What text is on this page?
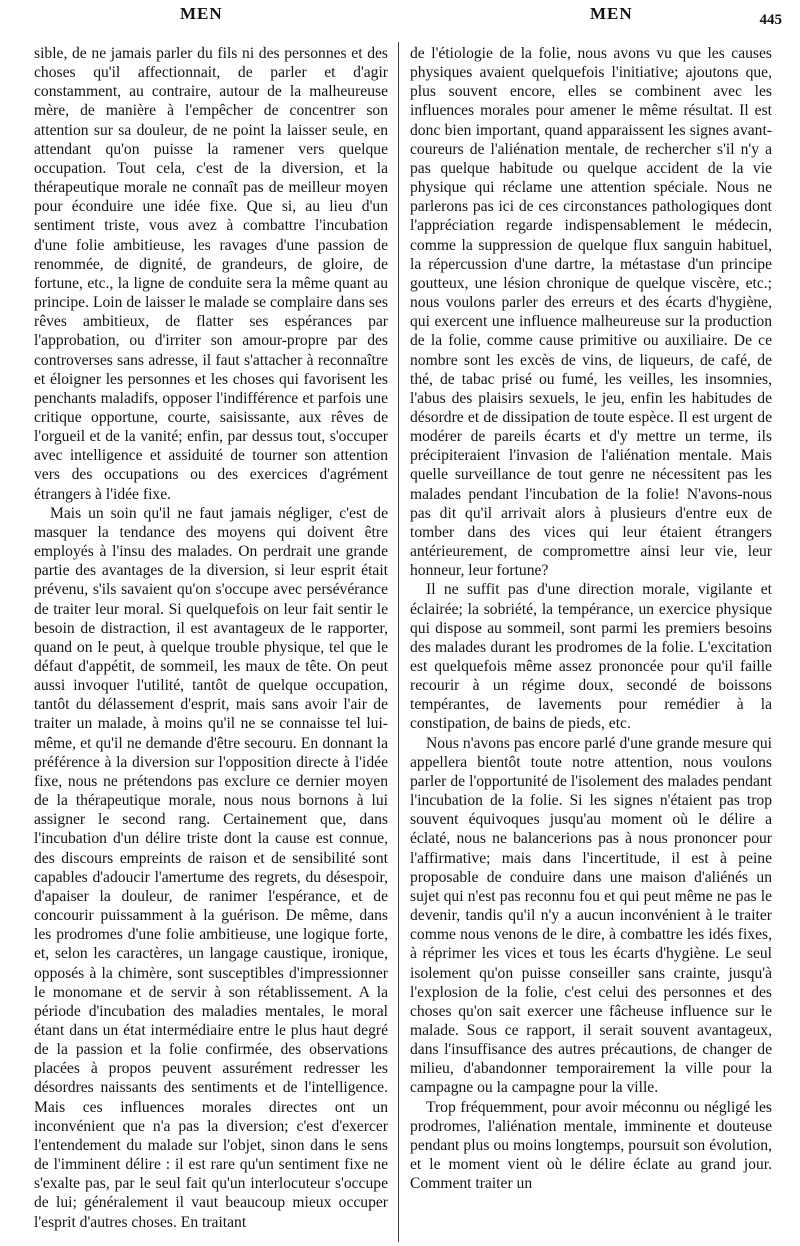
MEN	MEN	445

sible, de ne jamais parler du fils ni des personnes et des choses qu'il affectionnait, de parler et d'agir constamment, au contraire, autour de la malheureuse mère, de manière à l'empêcher de concentrer son attention sur sa douleur, de ne point la laisser seule, en attendant qu'on puisse la ramener vers quelque occupation. Tout cela, c'est de la diversion, et la thérapeutique morale ne connaît pas de meilleur moyen pour éconduire une idée fixe. Que si, au lieu d'un sentiment triste, vous avez à combattre l'incubation d'une folie ambitieuse, les ravages d'une passion de renommée, de dignité, de grandeurs, de gloire, de fortune, etc., la ligne de conduite sera la même quant au principe. Loin de laisser le malade se complaire dans ses rêves ambitieux, de flatter ses espérances par l'approbation, ou d'irriter son amour-propre par des controverses sans adresse, il faut s'attacher à reconnaître et éloigner les personnes et les choses qui favorisent les penchants maladifs, opposer l'indifférence et parfois une critique opportune, courte, saisissante, aux rêves de l'orgueil et de la vanité; enfin, par dessus tout, s'occuper avec intelligence et assiduité de tourner son attention vers des occupations ou des exercices d'agrément étrangers à l'idée fixe.

Mais un soin qu'il ne faut jamais négliger, c'est de masquer la tendance des moyens qui doivent être employés à l'insu des malades. On perdrait une grande partie des avantages de la diversion, si leur esprit était prévenu, s'ils savaient qu'on s'occupe avec persévérance de traiter leur moral. Si quelquefois on leur fait sentir le besoin de distraction, il est avantageux de le rapporter, quand on le peut, à quelque trouble physique, tel que le défaut d'appétit, de sommeil, les maux de tête. On peut aussi invoquer l'utilité, tantôt de quelque occupation, tantôt du délassement d'esprit, mais sans avoir l'air de traiter un malade, à moins qu'il ne se connaisse tel lui-même, et qu'il ne demande d'être secouru. En donnant la préférence à la diversion sur l'opposition directe à l'idée fixe, nous ne prétendons pas exclure ce dernier moyen de la thérapeutique morale, nous nous bornons à lui assigner le second rang. Certainement que, dans l'incubation d'un délire triste dont la cause est connue, des discours empreints de raison et de sensibilité sont capables d'adoucir l'amertume des regrets, du désespoir, d'apaiser la douleur, de ranimer l'espérance, et de concourir puissamment à la guérison. De même, dans les prodromes d'une folie ambitieuse, une logique forte, et, selon les caractères, un langage caustique, ironique, opposés à la chimère, sont susceptibles d'impressionner le monomane et de servir à son rétablissement. A la période d'incubation des maladies mentales, le moral étant dans un état intermédiaire entre le plus haut degré de la passion et la folie confirmée, des observations placées à propos peuvent assurément redresser les désordres naissants des sentiments et de l'intelligence. Mais ces influences morales directes ont un inconvénient que n'a pas la diversion; c'est d'exercer l'entendement du malade sur l'objet, sinon dans le sens de l'imminent délire : il est rare qu'un sentiment fixe ne s'exalte pas, par le seul fait qu'un interlocuteur s'occupe de lui; généralement il vaut beaucoup mieux occuper l'esprit d'autres choses. En traitant

de l'étiologie de la folie, nous avons vu que les causes physiques avaient quelquefois l'initiative; ajoutons que, plus souvent encore, elles se combinent avec les influences morales pour amener le même résultat. Il est donc bien important, quand apparaissent les signes avant-coureurs de l'aliénation mentale, de rechercher s'il n'y a pas quelque habitude ou quelque accident de la vie physique qui réclame une attention spéciale. Nous ne parlerons pas ici de ces circonstances pathologiques dont l'appréciation regarde indispensablement le médecin, comme la suppression de quelque flux sanguin habituel, la répercussion d'une dartre, la métastase d'un principe goutteux, une lésion chronique de quelque viscère, etc.; nous voulons parler des erreurs et des écarts d'hygiène, qui exercent une influence malheureuse sur la production de la folie, comme cause primitive ou auxiliaire. De ce nombre sont les excès de vins, de liqueurs, de café, de thé, de tabac prisé ou fumé, les veilles, les insomnies, l'abus des plaisirs sexuels, le jeu, enfin les habitudes de désordre et de dissipation de toute espèce. Il est urgent de modérer de pareils écarts et d'y mettre un terme, ils précipiteraient l'invasion de l'aliénation mentale. Mais quelle surveillance de tout genre ne nécessitent pas les malades pendant l'incubation de la folie! N'avons-nous pas dit qu'il arrivait alors à plusieurs d'entre eux de tomber dans des vices qui leur étaient étrangers antérieurement, de compromettre ainsi leur vie, leur honneur, leur fortune?

Il ne suffit pas d'une direction morale, vigilante et éclairée; la sobriété, la tempérance, un exercice physique qui dispose au sommeil, sont parmi les premiers besoins des malades durant les prodromes de la folie. L'excitation est quelquefois même assez prononcée pour qu'il faille recourir à un régime doux, secondé de boissons tempérantes, de lavements pour remédier à la constipation, de bains de pieds, etc.

Nous n'avons pas encore parlé d'une grande mesure qui appellera bientôt toute notre attention, nous voulons parler de l'opportunité de l'isolement des malades pendant l'incubation de la folie. Si les signes n'étaient pas trop souvent équivoques jusqu'au moment où le délire a éclaté, nous ne balancerions pas à nous prononcer pour l'affirmative; mais dans l'incertitude, il est à peine proposable de conduire dans une maison d'aliénés un sujet qui n'est pas reconnu fou et qui peut même ne pas le devenir, tandis qu'il n'y a aucun inconvénient à le traiter comme nous venons de le dire, à combattre les idés fixes, à réprimer les vices et tous les écarts d'hygiène. Le seul isolement qu'on puisse conseiller sans crainte, jusqu'à l'explosion de la folie, c'est celui des personnes et des choses qu'on sait exercer une fâcheuse influence sur le malade. Sous ce rapport, il serait souvent avantageux, dans l'insuffisance des autres précautions, de changer de milieu, d'abandonner temporairement la ville pour la campagne ou la campagne pour la ville.

Trop fréquemment, pour avoir méconnu ou négligé les prodromes, l'aliénation mentale, imminente et douteuse pendant plus ou moins longtemps, poursuit son évolution, et le moment vient où le délire éclate au grand jour. Comment traiter un
